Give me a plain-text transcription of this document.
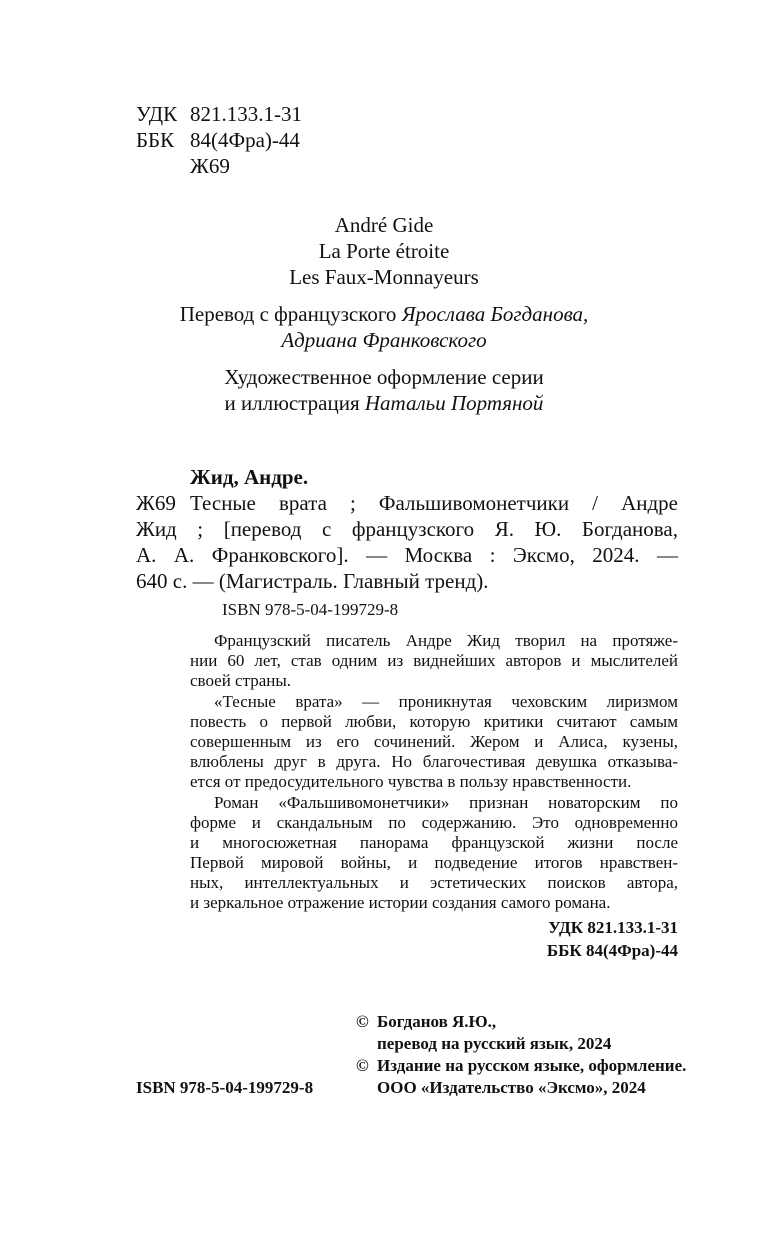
УДК 821.133.1-31
ББК 84(4Фра)-44
Ж69
André Gide
La Porte étroite
Les Faux-Monnayeurs
Перевод с французского Ярослава Богданова,
Адриана Франковского
Художественное оформление серии
и иллюстрация Натальи Портяной
Жид, Андре.
Ж69 Тесные врата ; Фальшивомонетчики / Андре
Жид ; [перевод с французского Я. Ю. Богданова,
А. А. Франковского]. — Москва : Эксмо, 2024. —
640 с. — (Магистраль. Главный тренд).
ISBN 978-5-04-199729-8
Французский писатель Андре Жид творил на протяже-
нии 60 лет, став одним из виднейших авторов и мыслителей
своей страны.
«Тесные врата» — проникнутая чеховским лиризмом
повесть о первой любви, которую критики считают самым
совершенным из его сочинений. Жером и Алиса, кузены,
влюблены друг в друга. Но благочестивая девушка отказыва-
ется от предосудительного чувства в пользу нравственности.
Роман «Фальшивомонетчики» признан новаторским по
форме и скандальным по содержанию. Это одновременно
и многосюжетная панорама французской жизни после
Первой мировой войны, и подведение итогов нравствен-
ных, интеллектуальных и эстетических поисков автора,
и зеркальное отражение истории создания самого романа.
УДК 821.133.1-31
ББК 84(4Фра)-44
© Богданов Я.Ю.,
перевод на русский язык, 2024
© Издание на русском языке, оформление.
ООО «Издательство «Эксмо», 2024
ISBN 978-5-04-199729-8
